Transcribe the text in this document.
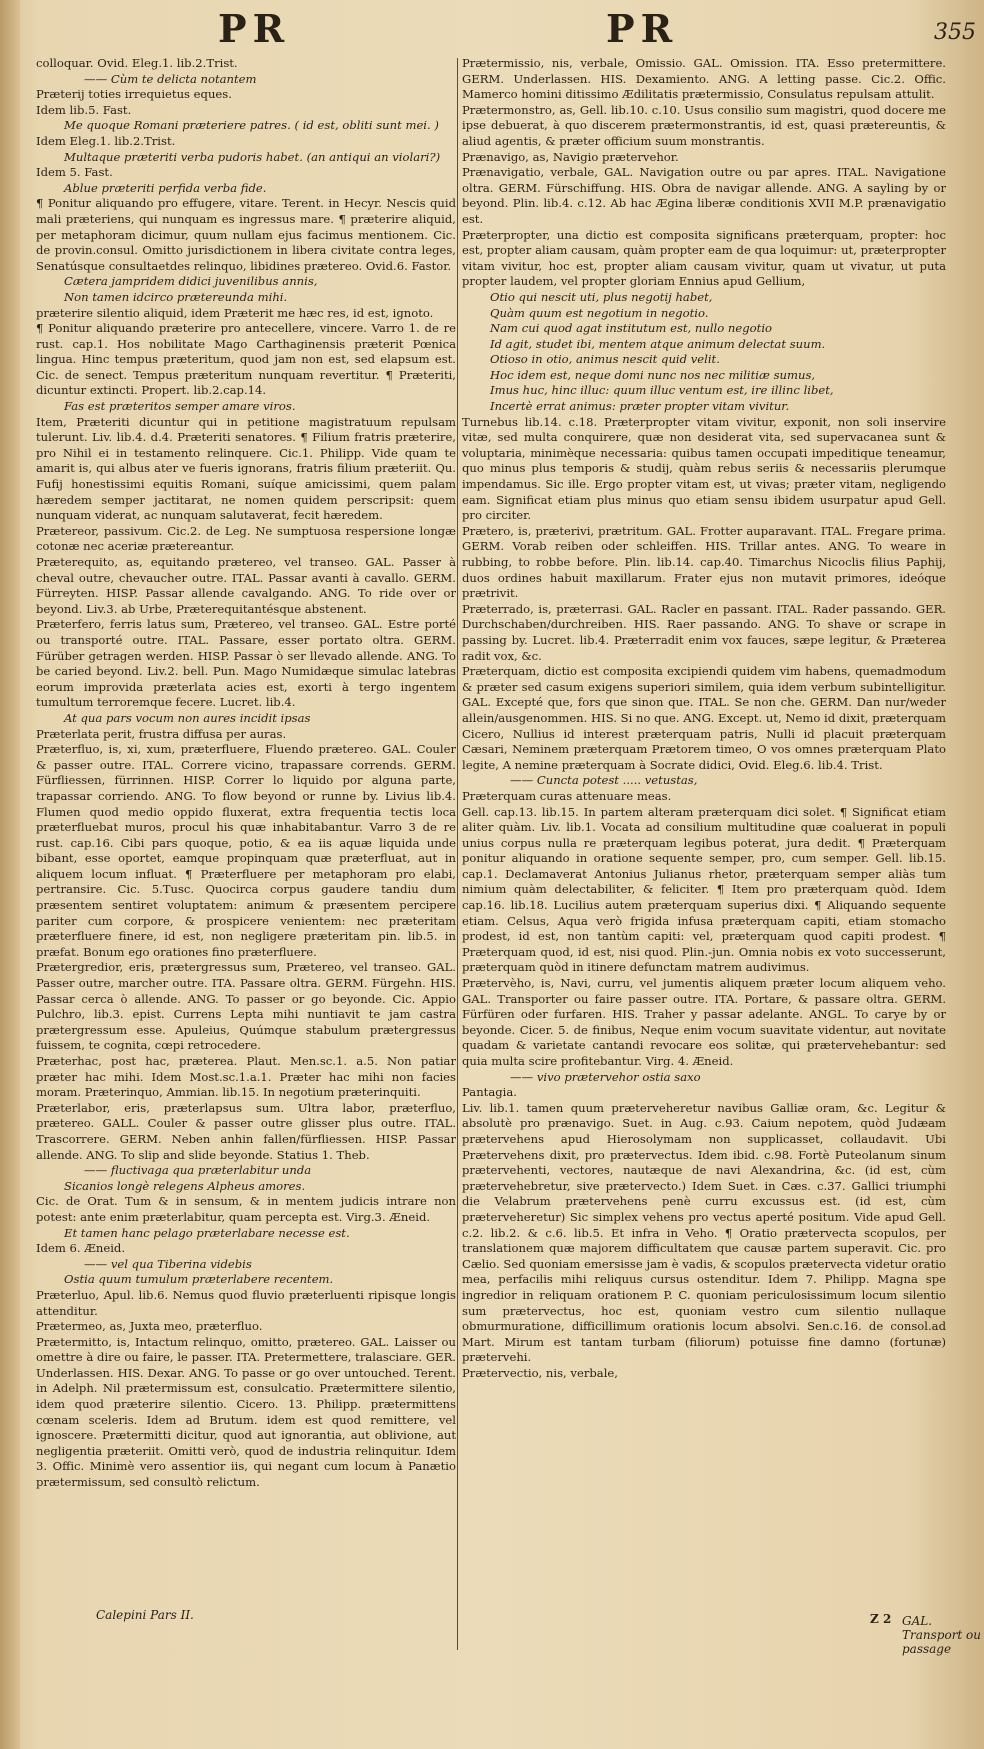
PR	PR	355

colloquar. Ovid. Eleg.1. lib.2.Trist.

—— Cùm te delicta notantem

Præterij toties irrequietus eques.

Idem lib.5. Fast.

Me quoque Romani præteriere patres. ( id est, obliti sunt mei. )

Idem Eleg.1. lib.2.Trist.

Multaque præteriti verba pudoris habet. (an antiqui an violari?)

Idem 5. Fast.

Ablue præteriti perfida verba fide.

¶ Ponitur aliquando pro effugere, vitare. Terent. in Hecyr. Nescis quid mali præteriens, qui nunquam es ingressus mare. ¶ præterire aliquid, per metaphoram dicimur, quum nullam ejus facimus mentionem. Cic. de provin.consul. Omitto jurisdictionem in libera civitate contra leges, Senatúsque consultaetdes relinquo, libidines prætereo. Ovid.6. Fastor.

Cætera jampridem didici juvenilibus annis,

Non tamen idcirco prætereunda mihi.

præterire silentio aliquid, idem Præterit me hæc res, id est, ignoto.

¶ Ponitur aliquando præterire pro antecellere, vincere. Varro 1. de re rust. cap.1. Hos nobilitate Mago Carthaginensis præterit Pœnica lingua. Hinc tempus præteritum, quod jam non est, sed elapsum est. Cic. de senect. Tempus præteritum nunquam revertitur. ¶ Præteriti, dicuntur extincti. Propert. lib.2.cap.14.

Fas est præteritos semper amare viros.

Item, Præteriti dicuntur qui in petitione magistratuum repulsam tulerunt. Liv. lib.4. d.4. Præteriti senatores. ¶ Filium fratris præterire, pro Nihil ei in testamento relinquere. Cic.1. Philipp. Vide quam te amarit is, qui albus ater ve fueris ignorans, fratris filium præteriit. Qu. Fufij honestissimi equitis Romani, suíque amicissimi, quem palam hæredem semper jactitarat, ne nomen quidem perscripsit: quem nunquam viderat, ac nunquam salutaverat, fecit hæredem.

Prætereor, passivum. Cic.2. de Leg. Ne sumptuosa respersione longæ cotonæ nec aceriæ prætereantur.

Præterequito, as, equitando prætereo, vel transeo. GAL. Passer à cheval outre, chevaucher outre. ITAL. Passar avanti à cavallo. GERM. Fürreyten. HISP. Passar allende cavalgando. ANG. To ride over or beyond. Liv.3. ab Urbe, Præterequitantésque abstenent.

Præterfero, ferris latus sum, Prætereo, vel transeo. GAL. Estre porté ou transporté outre. ITAL. Passare, esser portato oltra. GERM. Fürüber getragen werden. HISP. Passar ò ser llevado allende. ANG. To be caried beyond. Liv.2. bell. Pun. Mago Numidæque simulac latebras eorum improvida præterlata acies est, exorti à tergo ingentem tumultum terroremque fecere. Lucret. lib.4.

At qua pars vocum non aures incidit ipsas

Præterlata perit, frustra diffusa per auras.

Præterfluo, is, xi, xum, præterfluere, Fluendo prætereo. GAL. Couler & passer outre. ITAL. Correre vicino, trapassare corrends. GERM. Fürfliessen, fürrinnen. HISP. Correr lo liquido por alguna parte, trapassar corriendo. ANG. To flow beyond or runne by. Livius lib.4. Flumen quod medio oppido fluxerat, extra frequentia tectis loca præterfluebat muros, procul his quæ inhabitabantur. Varro 3 de re rust. cap.16. Cibi pars quoque, potio, & ea iis aquæ liquida unde bibant, esse oportet, eamque propinquam quæ præterfluat, aut in aliquem locum influat. ¶ Præterfluere per metaphoram pro elabi, pertransire. Cic. 5.Tusc. Quocirca corpus gaudere tandiu dum præsentem sentiret voluptatem: animum & præsentem percipere pariter cum corpore, & prospicere venientem: nec præteritam præterfluere finere, id est, non negligere præteritam pin. lib.5. in præfat. Bonum ego orationes fino præterfluere.

Prætergredior, eris, prætergressus sum, Prætereo, vel transeo. GAL. Passer outre, marcher outre. ITA. Passare oltra. GERM. Fürgehn. HIS. Passar cerca ò allende. ANG. To passer or go beyonde. Cic. Appio Pulchro, lib.3. epist. Currens Lepta mihi nuntiavit te jam castra prætergressum esse. Apuleius, Quúmque stabulum prætergressus fuissem, te cognita, cœpi retrocedere.

Præterhac, post hac, præterea. Plaut. Men.sc.1. a.5. Non patiar præter hac mihi. Idem Most.sc.1.a.1. Præter hac mihi non facies moram. Præterinquo, Ammian. lib.15. In negotium præterinquiti.

Præterlabor, eris, præterlapsus sum. Ultra labor, præterfluo, prætereo. GALL. Couler & passer outre glisser plus outre. ITAL. Trascorrere. GERM. Neben anhin fallen/fürfliessen. HISP. Passar allende. ANG. To slip and slide beyonde. Statius 1. Theb.

—— fluctivaga qua præterlabitur unda

Sicanios longè relegens Alpheus amores.

Cic. de Orat. Tum & in sensum, & in mentem judicis intrare non potest: ante enim præterlabitur, quam percepta est. Virg.3. Æneid.

Et tamen hanc pelago præterlabare necesse est.

Idem 6. Æneid.

—— vel qua Tiberina videbis

Ostia quum tumulum præterlabere recentem.

Præterluo, Apul. lib.6. Nemus quod fluvio præterluenti ripisque longis attenditur.

Prætermeo, as, Juxta meo, præterfluo.

Prætermitto, is, Intactum relinquo, omitto, prætereo. GAL. Laisser ou omettre à dire ou faire, le passer. ITA. Pretermettere, tralasciare. GER. Underlassen. HIS. Dexar. ANG. To passe or go over untouched. Terent. in Adelph. Nil prætermissum est, consulcatio. Prætermittere silentio, idem quod præterire silentio. Cicero. 13. Philipp. prætermittens cœnam sceleris. Idem ad Brutum. idem est quod remittere, vel ignoscere. Prætermitti dicitur, quod aut ignorantia, aut oblivione, aut negligentia præteriit. Omitti verò, quod de industria relinquitur. Idem 3. Offic. Minimè vero assentior iis, qui negant cum locum à Panætio prætermissum, sed consultò relictum.

Prætermissio, nis, verbale, Omissio. GAL. Omission. ITA. Esso pretermittere. GERM. Underlassen. HIS. Dexamiento. ANG. A letting passe. Cic.2. Offic. Mamerco homini ditissimo Ædilitatis prætermissio, Consulatus repulsam attulit.

Prætermonstro, as, Gell. lib.10. c.10. Usus consilio sum magistri, quod docere me ipse debuerat, à quo discerem prætermonstrantis, id est, quasi prætereuntis, & aliud agentis, & præter officium suum monstrantis.

Prænavigo, as, Navigio prætervehor.

Prænavigatio, verbale, GAL. Navigation outre ou par apres. ITAL. Navigatione oltra. GERM. Fürschiffung. HIS. Obra de navigar allende. ANG. A sayling by or beyond. Plin. lib.4. c.12. Ab hac Ægina liberæ conditionis XVII M.P. prænavigatio est.

Præterpropter, una dictio est composita significans præterquam, propter: hoc est, propter aliam causam, quàm propter eam de qua loquimur: ut, præterpropter vitam vivitur, hoc est, propter aliam causam vivitur, quam ut vivatur, ut puta propter laudem, vel propter gloriam Ennius apud Gellium,

Otio qui nescit uti, plus negotij habet,

Quàm quum est negotium in negotio.

Nam cui quod agat institutum est, nullo negotio

Id agit, studet ibi, mentem atque animum delectat suum.

Otioso in otio, animus nescit quid velit.

Hoc idem est, neque domi nunc nos nec militiæ sumus,

Imus huc, hinc illuc: quum illuc ventum est, ire illinc libet,

Incertè errat animus: præter propter vitam vivitur.

Turnebus lib.14. c.18. Præterpropter vitam vivitur, exponit, non soli inservire vitæ, sed multa conquirere, quæ non desiderat vita, sed supervacanea sunt & voluptaria, minimèque necessaria: quibus tamen occupati impeditique teneamur, quo minus plus temporis & studij, quàm rebus seriis & necessariis plerumque impendamus. Sic ille. Ergo propter vitam est, ut vivas; præter vitam, negligendo eam. Significat etiam plus minus quo etiam sensu ibidem usurpatur apud Gell. pro circiter.

Prætero, is, præterivi, prætritum. GAL. Frotter auparavant. ITAL. Fregare prima. GERM. Vorab reiben oder schleiffen. HIS. Trillar antes. ANG. To weare in rubbing, to robbe before. Plin. lib.14. cap.40. Timarchus Nicoclis filius Paphij, duos ordines habuit maxillarum. Frater ejus non mutavit primores, ideóque prætrivit.

Præterrado, is, præterrasi. GAL. Racler en passant. ITAL. Rader passando. GER. Durchschaben/durchreiben. HIS. Raer passando. ANG. To shave or scrape in passing by. Lucret. lib.4. Præterradit enim vox fauces, sæpe legitur, & Præterea radit vox, &c.

Præterquam, dictio est composita excipiendi quidem vim habens, quemadmodum & præter sed casum exigens superiori similem, quia idem verbum subintelligitur. GAL. Excepté que, fors que sinon que. ITAL. Se non che. GERM. Dan nur/weder allein/ausgenommen. HIS. Si no que. ANG. Except. ut, Nemo id dixit, præterquam Cicero, Nullius id interest præterquam patris, Nulli id placuit præterquam Cæsari, Neminem præterquam Prætorem timeo, O vos omnes præterquam Plato legite, A nemine præterquam à Socrate didici, Ovid. Eleg.6. lib.4. Trist.

—— Cuncta potest ..... vetustas,

Præterquam curas attenuare meas.

Gell. cap.13. lib.15. In partem alteram præterquam dici solet. ¶ Significat etiam aliter quàm. Liv. lib.1. Vocata ad consilium multitudine quæ coaluerat in populi unius corpus nulla re præterquam legibus poterat, jura dedit. ¶ Præterquam ponitur aliquando in oratione sequente semper, pro, cum semper. Gell. lib.15. cap.1. Declamaverat Antonius Julianus rhetor, præterquam semper aliàs tum nimium quàm delectabiliter, & feliciter. ¶ Item pro præterquam quòd. Idem cap.16. lib.18. Lucilius autem præterquam superius dixi. ¶ Aliquando sequente etiam. Celsus, Aqua verò frigida infusa præterquam capiti, etiam stomacho prodest, id est, non tantùm capiti: vel, præterquam quod capiti prodest. ¶ Præterquam quod, id est, nisi quod. Plin.-jun. Omnia nobis ex voto successerunt, præterquam quòd in itinere defunctam matrem audivimus.

Prætervèho, is, Navi, curru, vel jumentis aliquem præter locum aliquem veho. GAL. Transporter ou faire passer outre. ITA. Portare, & passare oltra. GERM. Fürfüren oder furfaren. HIS. Traher y passar adelante. ANGL. To carye by or beyonde. Cicer. 5. de finibus, Neque enim vocum suavitate videntur, aut novitate quadam & varietate cantandi revocare eos solitæ, qui prætervehebantur: sed quia multa scire profitebantur. Virg. 4. Æneid.

—— vivo prætervehor ostia saxo

Pantagia.

Liv. lib.1. tamen quum præterveheretur navibus Galliæ oram, &c. Legitur & absolutè pro prænavigo. Suet. in Aug. c.93. Caium nepotem, quòd Judæam prætervehens apud Hierosolymam non supplicasset, collaudavit. Ubi Prætervehens dixit, pro prætervectus. Idem ibid. c.98. Fortè Puteolanum sinum prætervehenti, vectores, nautæque de navi Alexandrina, &c. (id est, cùm prætervehebretur, sive prætervecto.) Idem Suet. in Cæs. c.37. Gallici triumphi die Velabrum prætervehens penè curru excussus est. (id est, cùm præterveheretur) Sic simplex vehens pro vectus aperté positum. Vide apud Gell. c.2. lib.2. & c.6. lib.5. Et infra in Veho. ¶ Oratio prætervecta scopulos, per translationem quæ majorem difficultatem que causæ partem superavit. Cic. pro Cælio. Sed quoniam emersisse jam è vadis, & scopulos prætervecta videtur oratio mea, perfacilis mihi reliquus cursus ostenditur. Idem 7. Philipp. Magna spe ingredior in reliquam orationem P. C. quoniam periculosissimum locum silentio sum prætervectus, hoc est, quoniam vestro cum silentio nullaque obmurmuratione, difficillimum orationis locum absolvi. Sen.c.16. de consol.ad Mart. Mirum est tantam turbam (filiorum) potuisse fine damno (fortunæ) prætervehi.

Prætervectio, nis, verbale,

Calepini Pars II.	Z 2 GAL. Transport ou passage
